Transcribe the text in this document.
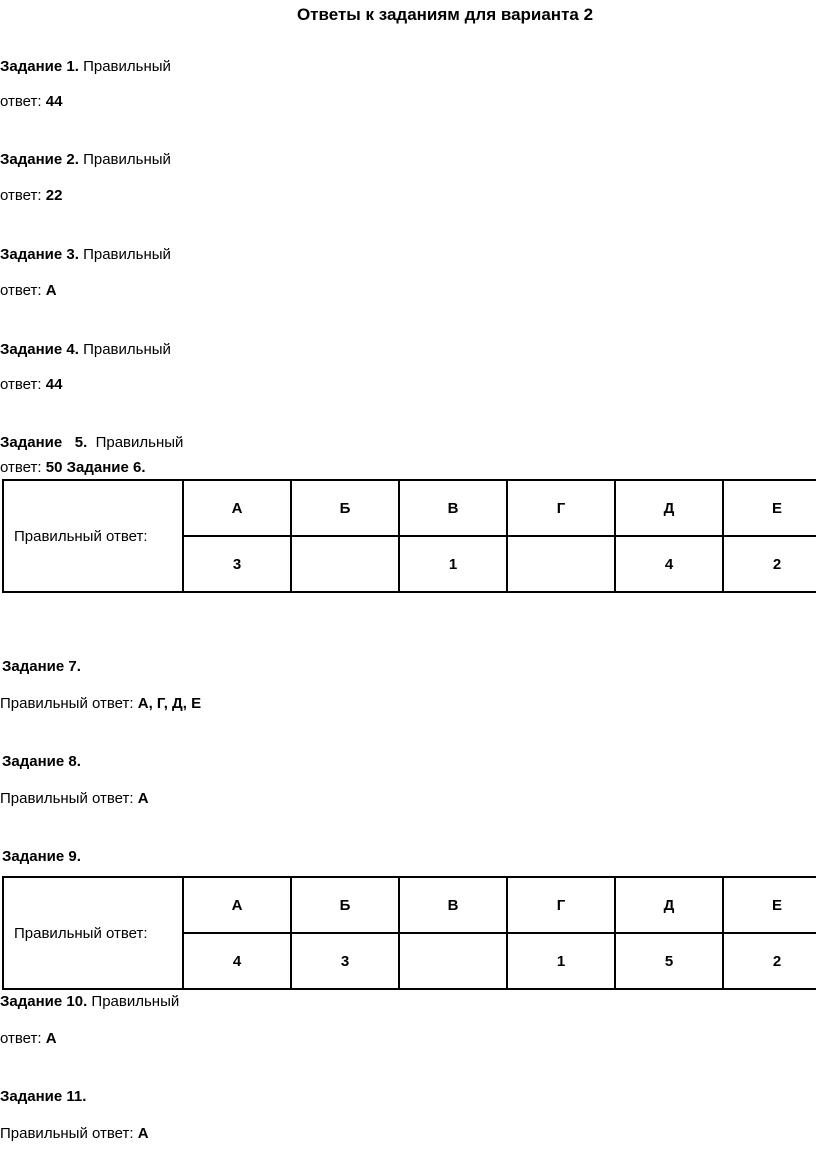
Ответы к заданиям для варианта 2
Задание 1. Правильный
ответ: 44
Задание 2. Правильный
ответ: 22
Задание 3. Правильный
ответ: А
Задание 4. Правильный
ответ: 44
Задание   5. Правильный
ответ: 50 Задание 6.
Правильный ответ:	А	Б	В	Г	Д	Е
	3		1		4	2
Задание 7.
Правильный ответ: А, Г, Д, Е
Задание 8.
Правильный ответ: А
Задание 9.
Правильный ответ:	А	Б	В	Г	Д	Е
	4	3		1	5	2
Задание 10. Правильный
ответ: А
Задание 11.
Правильный ответ: А
